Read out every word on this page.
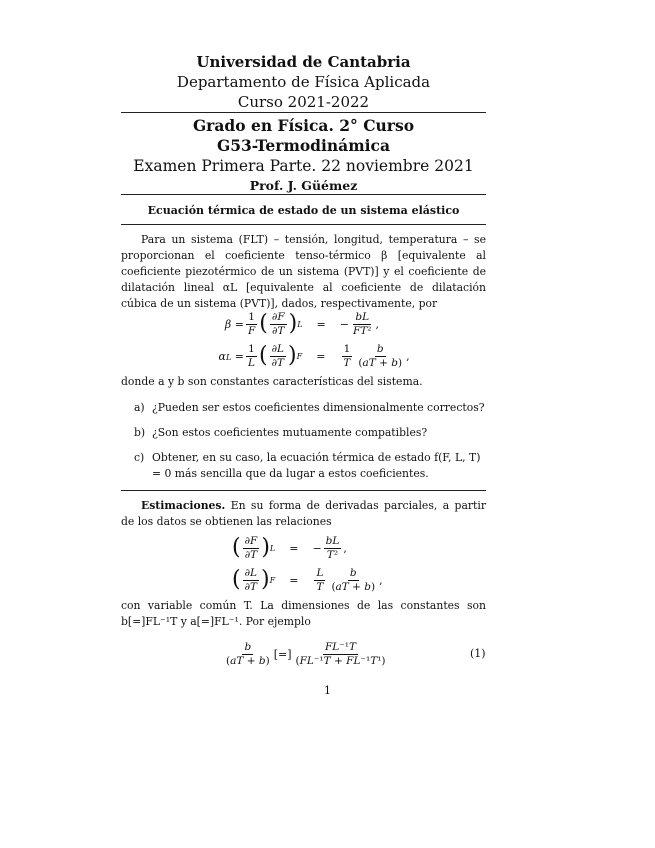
Universidad de Cantabria
Departamento de Física Aplicada
Curso 2021-2022
Grado en Física. 2° Curso
G53-Termodinámica
Examen Primera Parte. 22 noviembre 2021
Prof. J. Güémez
Ecuación térmica de estado de un sistema elástico
Para un sistema (FLT) – tensión, longitud, temperatura – se proporcionan el coeficiente tenso-térmico β [equivalente al coeficiente piezotérmico de un sistema (PVT)] y el coeficiente de dilatación lineal αL [equivalente al coeficiente de dilatación cúbica de un sistema (PVT)], dados, respectivamente, por
$\beta = \frac{1}{F}$ ( $\frac{\partial F}{\partial T}$ ) L = − $\frac{bL}{\text{FT²}}$ ,
$\alpha L = \frac{1}{L}$ ( $\frac{\partial L}{\partial T}$ ) $F = \frac{1}{T} \frac{b}{(aT + b)}$ ,
donde a y b son constantes características del sistema.
a) ¿Pueden ser estos coeficientes dimensionalmente correctos?
b) ¿Son estos coeficientes mutuamente compatibles?
c) Obtener, en su caso, la ecuación térmica de estado f(F, L, T) = 0 más sencilla que da lugar a estos coeficientes.
Estimaciones. En su forma de derivadas parciales, a partir de los datos se obtienen las relaciones
( $\frac{\partial F}{\partial T}$ ) L = − $\frac{bL}{\text{T²}}$ ,
( $\frac{\partial L}{\partial T}$ ) $F = \frac{L}{T} \frac{b}{(aT + b)}$ ,
con variable común T. La dimensiones de las constantes son b[=]FL⁻¹T y a[=]FL⁻¹. Por ejemplo
$\frac{b}{(aT + b)}$ [=] $\frac{\text{FL⁻¹T}}{\text{(FL⁻¹T + FL⁻¹T¹)}}$	(1)
1
